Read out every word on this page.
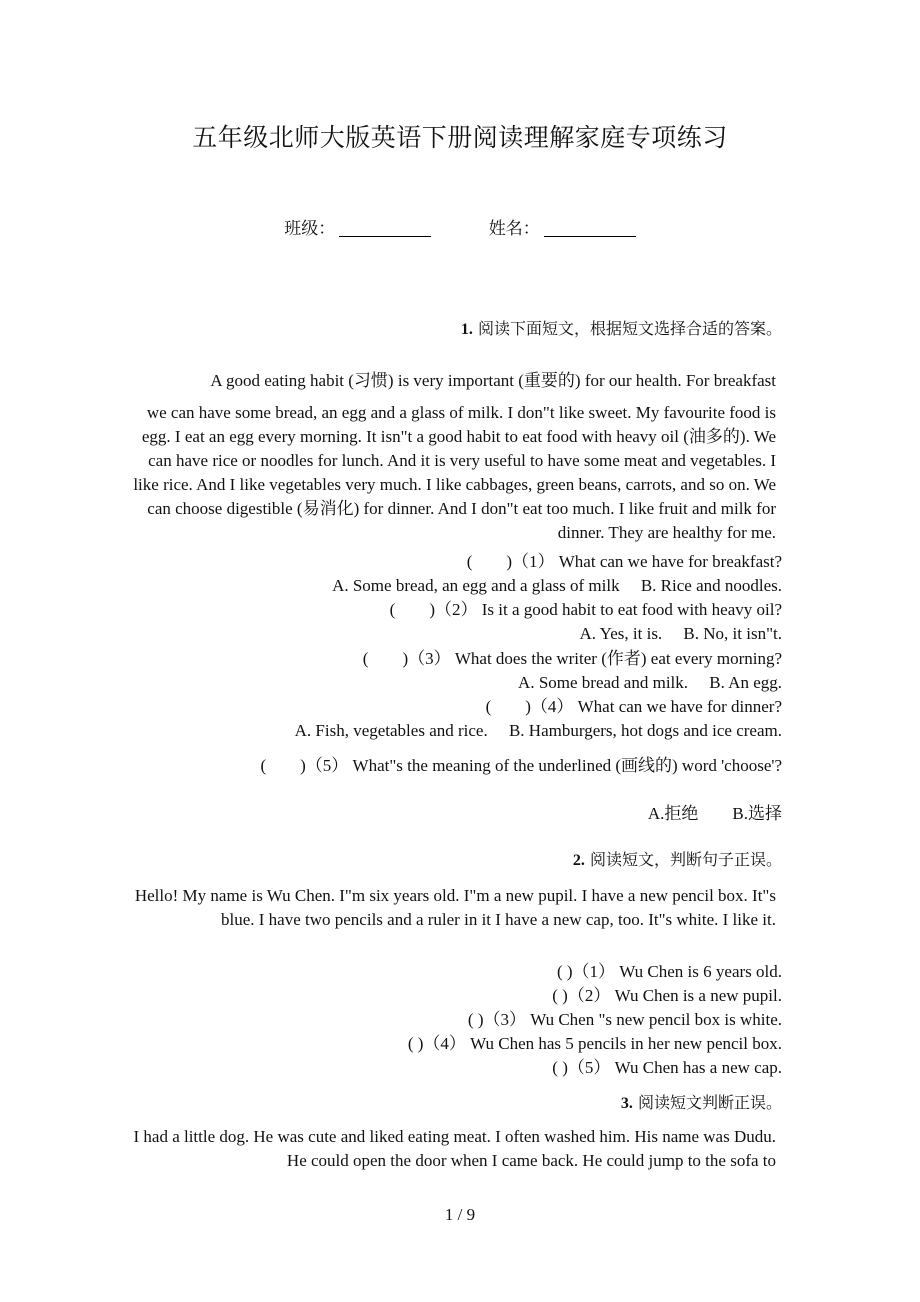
五年级北师大版英语下册阅读理解家庭专项练习
班级：	姓名：
1. 阅读下面短文，根据短文选择合适的答案。
A good eating habit (习惯) is very important (重要的) for our health. For breakfast
we can have some bread, an egg and a glass of milk. I don"t like sweet. My favourite food is egg. I eat an egg every morning. It isn"t a good habit to eat food with heavy oil (油多的). We can have rice or noodles for lunch. And it is very useful to have some meat and vegetables. I like rice. And I like vegetables very much. I like cabbages, green beans, carrots, and so on. We can choose digestible (易消化) for dinner. And I don"t eat too much. I like fruit and milk for dinner. They are healthy for me.
(　　)（1） What can we have for breakfast?
A. Some bread, an egg and a glass of milk　 B. Rice and noodles.
(　　)（2） Is it a good habit to eat food with heavy oil?
A. Yes, it is.　 B. No, it isn"t.
(　　)（3） What does the writer (作者) eat every morning?
A. Some bread and milk.　 B. An egg.
(　　)（4） What can we have for dinner?
A. Fish, vegetables and rice.　 B. Hamburgers, hot dogs and ice cream.
(　　)（5） What"s the meaning of the underlined (画线的) word 'choose'?
A.拒绝　　B.选择
2. 阅读短文，判断句子正误。
Hello! My name is Wu Chen. I"m six years old. I"m a new pupil. I have a new pencil box. It"s blue. I have two pencils and a ruler in it I have a new cap, too. It"s white. I like it.
( )（1） Wu Chen is 6 years old.
( )（2） Wu Chen is a new pupil.
( )（3） Wu Chen "s new pencil box is white.
( )（4） Wu Chen has 5 pencils in her new pencil box.
( )（5） Wu Chen has a new cap.
3. 阅读短文判断正误。
I had a little dog. He was cute and liked eating meat. I often washed him. His name was Dudu. He could open the door when I came back. He could jump to the sofa to
1 / 9
